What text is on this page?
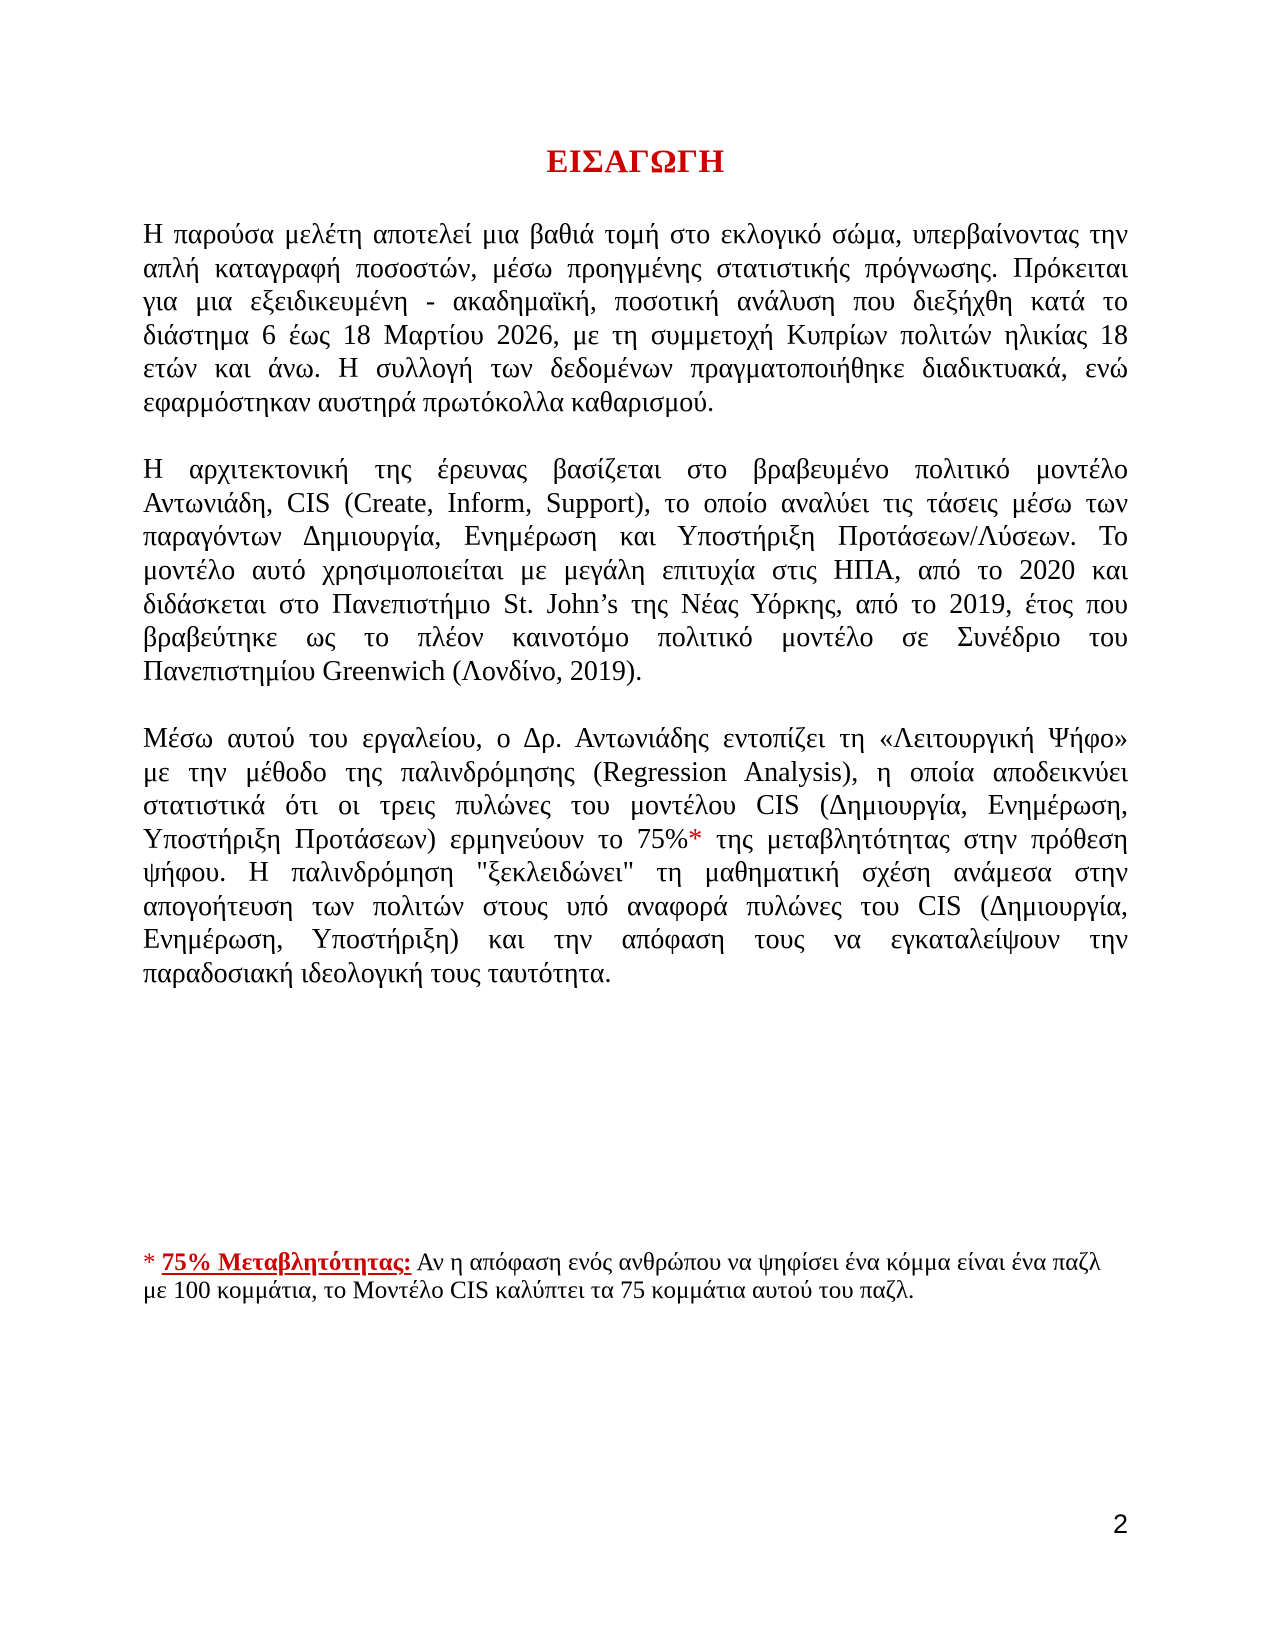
ΕΙΣΑΓΩΓΗ
Η παρούσα μελέτη αποτελεί μια βαθιά τομή στο εκλογικό σώμα, υπερβαίνοντας την
απλή καταγραφή ποσοστών, μέσω προηγμένης στατιστικής πρόγνωσης. Πρόκειται
για μια εξειδικευμένη - ακαδημαϊκή, ποσοτική ανάλυση που διεξήχθη κατά το
διάστημα 6 έως 18 Μαρτίου 2026, με τη συμμετοχή Κυπρίων πολιτών ηλικίας 18
ετών και άνω. Η συλλογή των δεδομένων πραγματοποιήθηκε διαδικτυακά, ενώ
εφαρμόστηκαν αυστηρά πρωτόκολλα καθαρισμού.
Η αρχιτεκτονική της έρευνας βασίζεται στο βραβευμένο πολιτικό μοντέλο
Αντωνιάδη, CIS (Create, Inform, Support), το οποίο αναλύει τις τάσεις μέσω των
παραγόντων Δημιουργία, Ενημέρωση και Υποστήριξη Προτάσεων/Λύσεων. Το
μοντέλο αυτό χρησιμοποιείται με μεγάλη επιτυχία στις ΗΠΑ, από το 2020 και
διδάσκεται στο Πανεπιστήμιο St. John’s της Νέας Υόρκης, από το 2019, έτος που
βραβεύτηκε ως το πλέον καινοτόμο πολιτικό μοντέλο σε Συνέδριο του
Πανεπιστημίου Greenwich (Λονδίνο, 2019).
Μέσω αυτού του εργαλείου, ο Δρ. Αντωνιάδης εντοπίζει τη «Λειτουργική Ψήφο»
με την μέθοδο της παλινδρόμησης (Regression Analysis), η οποία αποδεικνύει
στατιστικά ότι οι τρεις πυλώνες του μοντέλου CIS (Δημιουργία, Ενημέρωση,
Υποστήριξη Προτάσεων) ερμηνεύουν το 75%* της μεταβλητότητας στην πρόθεση
ψήφου. Η παλινδρόμηση "ξεκλειδώνει" τη μαθηματική σχέση ανάμεσα στην
απογοήτευση των πολιτών στους υπό αναφορά πυλώνες του CIS (Δημιουργία,
Ενημέρωση, Υποστήριξη) και την απόφαση τους να εγκαταλείψουν την
παραδοσιακή ιδεολογική τους ταυτότητα.
* 75% Μεταβλητότητας: Αν η απόφαση ενός ανθρώπου να ψηφίσει ένα κόμμα είναι ένα παζλ
με 100 κομμάτια, το Μοντέλο CIS καλύπτει τα 75 κομμάτια αυτού του παζλ.
2
